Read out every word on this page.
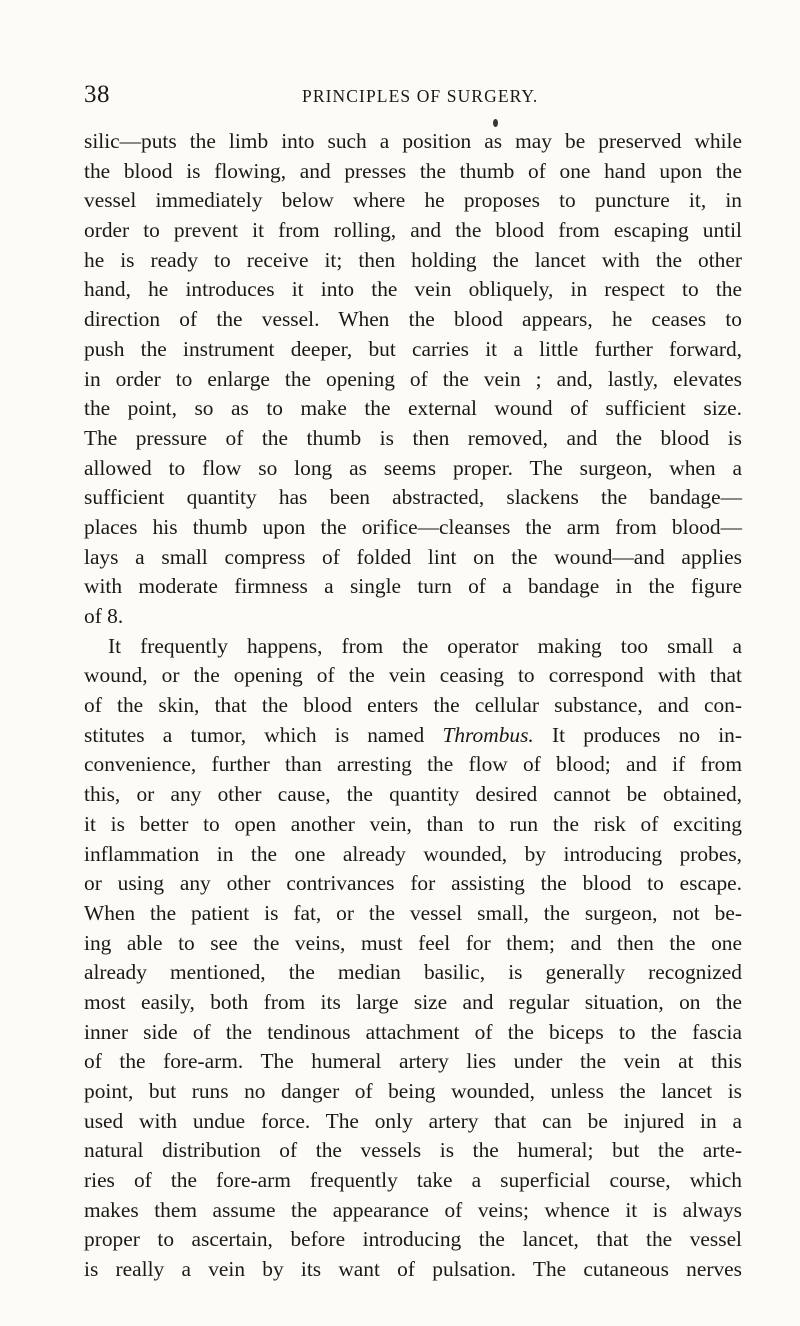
38	PRINCIPLES OF SURGERY.
silic—puts the limb into such a position as may be preserved while
the blood is flowing, and presses the thumb of one hand upon the
vessel immediately below where he proposes to puncture it, in
order to prevent it from rolling, and the blood from escaping until
he is ready to receive it; then holding the lancet with the other
hand, he introduces it into the vein obliquely, in respect to the
direction of the vessel. When the blood appears, he ceases to
push the instrument deeper, but carries it a little further forward,
in order to enlarge the opening of the vein ; and, lastly, elevates
the point, so as to make the external wound of sufficient size.
The pressure of the thumb is then removed, and the blood is
allowed to flow so long as seems proper. The surgeon, when a
sufficient quantity has been abstracted, slackens the bandage—
places his thumb upon the orifice—cleanses the arm from blood—
lays a small compress of folded lint on the wound—and applies
with moderate firmness a single turn of a bandage in the figure
of 8.
It frequently happens, from the operator making too small a
wound, or the opening of the vein ceasing to correspond with that
of the skin, that the blood enters the cellular substance, and con-
stitutes a tumor, which is named Thrombus. It produces no in-
convenience, further than arresting the flow of blood; and if from
this, or any other cause, the quantity desired cannot be obtained,
it is better to open another vein, than to run the risk of exciting
inflammation in the one already wounded, by introducing probes,
or using any other contrivances for assisting the blood to escape.
When the patient is fat, or the vessel small, the surgeon, not be-
ing able to see the veins, must feel for them; and then the one
already mentioned, the median basilic, is generally recognized
most easily, both from its large size and regular situation, on the
inner side of the tendinous attachment of the biceps to the fascia
of the fore-arm. The humeral artery lies under the vein at this
point, but runs no danger of being wounded, unless the lancet is
used with undue force. The only artery that can be injured in a
natural distribution of the vessels is the humeral; but the arte-
ries of the fore-arm frequently take a superficial course, which
makes them assume the appearance of veins; whence it is always
proper to ascertain, before introducing the lancet, that the vessel
is really a vein by its want of pulsation. The cutaneous nerves
